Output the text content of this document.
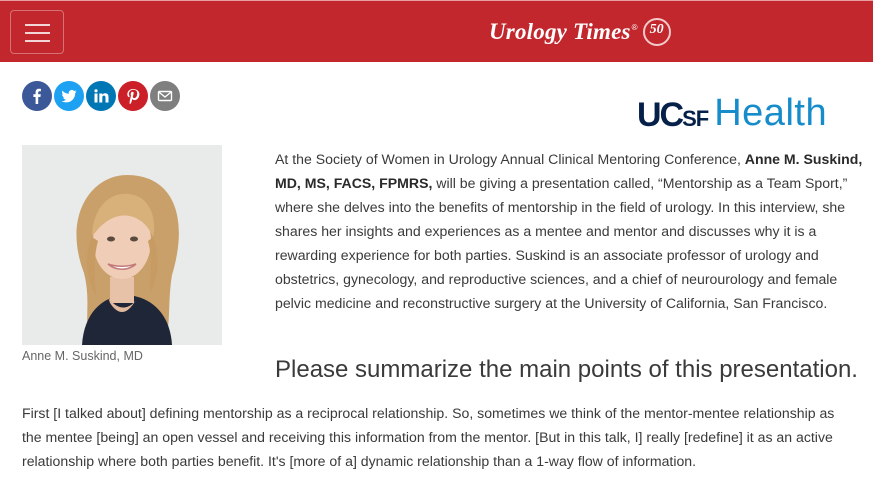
Urology Times ® 50
UCSF Health
Anne M. Suskind, MD

At the Society of Women in Urology Annual Clinical Mentoring Conference, Anne M. Suskind, MD, MS, FACS, FPMRS, will be giving a presentation called, “Mentorship as a Team Sport,” where she delves into the benefits of mentorship in the field of urology. In this interview, she shares her insights and experiences as a mentee and mentor and discusses why it is a rewarding experience for both parties. Suskind is an associate professor of urology and obstetrics, gynecology, and reproductive sciences, and a chief of neurourology and female pelvic medicine and reconstructive surgery at the University of California, San Francisco.

Please summarize the main points of this presentation.

First [I talked about] defining mentorship as a reciprocal relationship. So, sometimes we think of the mentor-mentee relationship as the mentee [being] an open vessel and receiving this information from the mentor. [But in this talk, I] really [redefine] it as an active relationship where both parties benefit. It's [more of a] dynamic relationship than a 1-way flow of information.
